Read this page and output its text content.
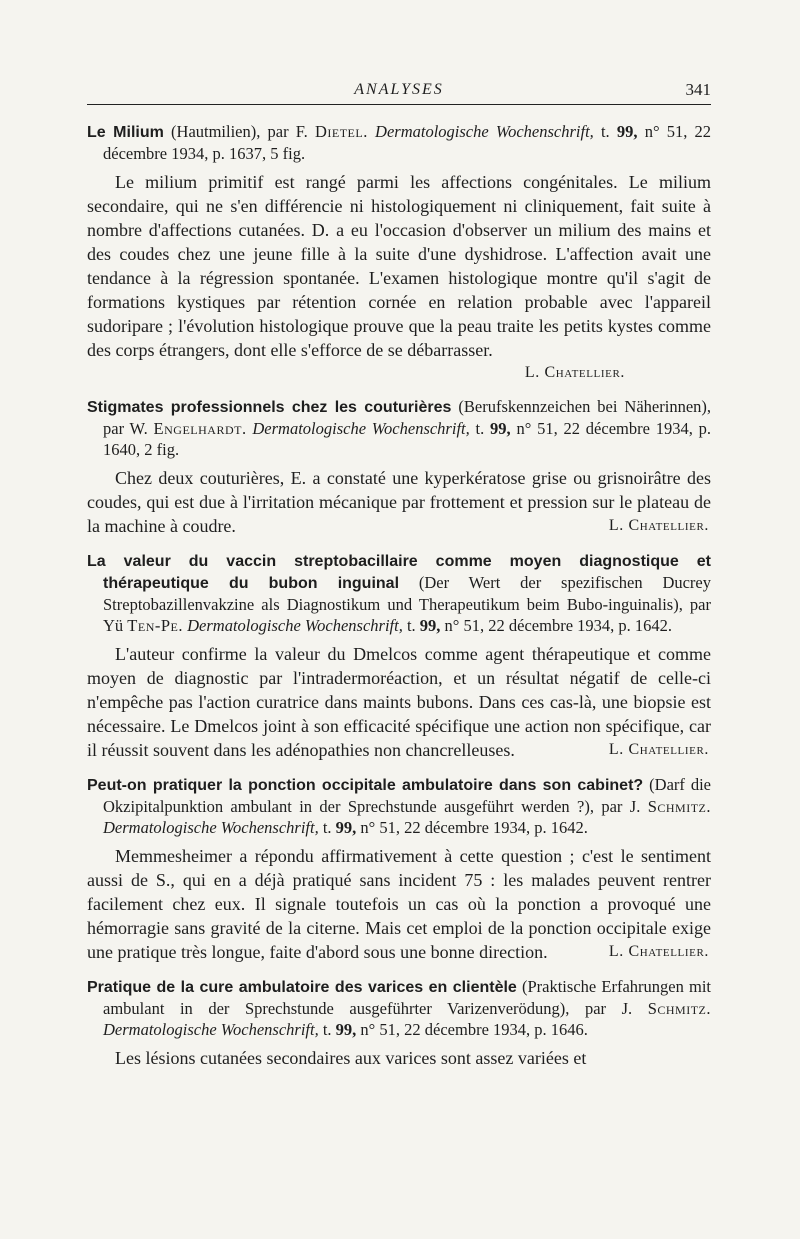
ANALYSES	341

Le Milium (Hautmilien), par F. Dietel. Dermatologische Wochenschrift, t. 99, n° 51, 22 décembre 1934, p. 1637, 5 fig.

Le milium primitif est rangé parmi les affections congénitales. Le milium secondaire, qui ne s'en différencie ni histologiquement ni cliniquement, fait suite à nombre d'affections cutanées. D. a eu l'occasion d'observer un milium des mains et des coudes chez une jeune fille à la suite d'une dyshidrose. L'affection avait une tendance à la régression spontanée. L'examen histologique montre qu'il s'agit de formations kystiques par rétention cornée en relation probable avec l'appareil sudoripare ; l'évolution histologique prouve que la peau traite les petits kystes comme des corps étrangers, dont elle s'efforce de se débarrasser.

L. Chatellier.

Stigmates professionnels chez les couturières (Berufskennzeichen bei Näherinnen), par W. Engelhardt. Dermatologische Wochenschrift, t. 99, n° 51, 22 décembre 1934, p. 1640, 2 fig.

Chez deux couturières, E. a constaté une kyperkératose grise ou grisnoirâtre des coudes, qui est due à l'irritation mécanique par frottement et pression sur le plateau de la machine à coudre.	L. Chatellier.

La valeur du vaccin streptobacillaire comme moyen diagnostique et thérapeutique du bubon inguinal (Der Wert der spezifischen Ducrey Streptobazillenvakzine als Diagnostikum und Therapeutikum beim Bubo-inguinalis), par Yü Ten-Pe. Dermatologische Wochenschrift, t. 99, n° 51, 22 décembre 1934, p. 1642.

L'auteur confirme la valeur du Dmelcos comme agent thérapeutique et comme moyen de diagnostic par l'intradermoréaction, et un résultat négatif de celle-ci n'empêche pas l'action curatrice dans maints bubons. Dans ces cas-là, une biopsie est nécessaire. Le Dmelcos joint à son efficacité spécifique une action non spécifique, car il réussit souvent dans les adénopathies non chancrelleuses.	L. Chatellier.

Peut-on pratiquer la ponction occipitale ambulatoire dans son cabinet? (Darf die Okzipitalpunktion ambulant in der Sprechstunde ausgeführt werden ?), par J. Schmitz. Dermatologische Wochenschrift, t. 99, n° 51, 22 décembre 1934, p. 1642.

Memmesheimer a répondu affirmativement à cette question ; c'est le sentiment aussi de S., qui en a déjà pratiqué sans incident 75 : les malades peuvent rentrer facilement chez eux. Il signale toutefois un cas où la ponction a provoqué une hémorragie sans gravité de la citerne. Mais cet emploi de la ponction occipitale exige une pratique très longue, faite d'abord sous une bonne direction.	L. Chatellier.

Pratique de la cure ambulatoire des varices en clientèle (Praktische Erfahrungen mit ambulant in der Sprechstunde ausgeführter Varizenverödung), par J. Schmitz. Dermatologische Wochenschrift, t. 99, n° 51, 22 décembre 1934, p. 1646.

Les lésions cutanées secondaires aux varices sont assez variées et
